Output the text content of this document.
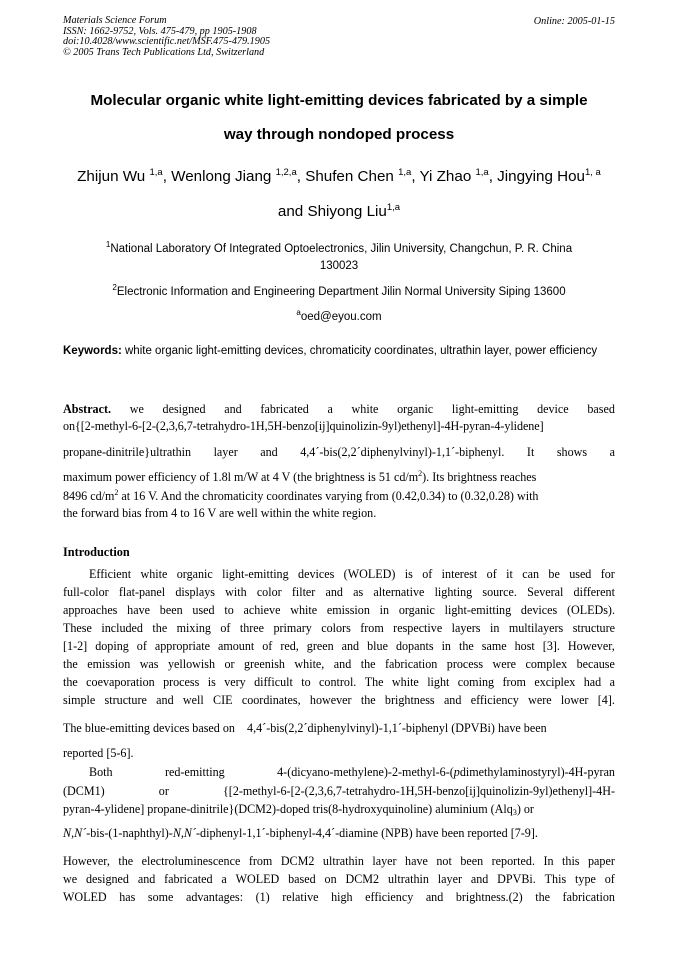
Materials Science Forum
ISSN: 1662-9752, Vols. 475-479, pp 1905-1908
doi:10.4028/www.scientific.net/MSF.475-479.1905
© 2005 Trans Tech Publications Ltd, Switzerland
Online: 2005-01-15
Molecular organic white light-emitting devices fabricated by a simple
way through nondoped process
Zhijun Wu $^{1,a}$, Wenlong Jiang $^{1,2,a}$, Shufen Chen $^{1,a}$, Yi Zhao $^{1,a}$, Jingying Hou$^{1, a}$
and Shiyong Liu$^{1,a}$
$^1$National Laboratory Of Integrated Optoelectronics, Jilin University, Changchun, P. R. China
130023
$^2$Electronic Information and Engineering Department Jilin Normal University Siping 13600
$^a$oed@eyou.com
Keywords: white organic light-emitting devices, chromaticity coordinates, ultrathin layer, power efficiency
Abstract. we designed and fabricated a white organic light-emitting device based
on{[2-methyl-6-[2-(2,3,6,7-tetrahydro-1H,5H-benzo[ij]quinolizin-9yl)ethenyl]-4H-pyran-4-ylidene]
propane-dinitrile}ultrathin layer and 4,4´-bis(2,2´diphenylvinyl)-1,1´-biphenyl. It shows a
maximum power efficiency of 1.8l m/W at 4 V (the brightness is 51 $cd/m^2$). Its brightness reaches
8496 $cd/m^2$ at 16 V. And the chromaticity coordinates varying from (0.42,0.34) to (0.32,0.28) with
the forward bias from 4 to 16 V are well within the white region.
Introduction
Efficient white organic light-emitting devices (WOLED) is of interest of it can be used for
full-color flat-panel displays with color filter and as alternative lighting source. Several different
approaches have been used to achieve white emission in organic light-emitting devices (OLEDs).
These included the mixing of three primary colors from respective layers in multilayers structure
[1-2] doping of appropriate amount of red, green and blue dopants in the same host [3]. However,
the emission was yellowish or greenish white, and the fabrication process were complex because
the coevaporation process is very difficult to control. The white light coming from exciplex had a
simple structure and well CIE coordinates, however the brightness and efficiency were lower [4].
The blue-emitting devices based on 4,4´-bis(2,2´diphenylvinyl)-1,1´-biphenyl (DPVBi) have been
reported [5-6].
Both	red-emitting	4-(dicyano-methylene)-2-methyl-6-(pdimethylaminostyryl)-4H-pyran
(DCM1)	or	{[2-methyl-6-[2-(2,3,6,7-tetrahydro-1H,5H-benzo[ij]quinolizin-9yl)ethenyl]-4H-
pyran-4-ylidene] propane-dinitrile}(DCM2)-doped tris(8-hydroxyquinoline) aluminium (Alq$_3$) or
N,N´-bis-(1-naphthyl)-N,N´-diphenyl-1,1´-biphenyl-4,4´-diamine (NPB) have been reported [7-9].
However, the electroluminescence from DCM2 ultrathin layer have not been reported. In this paper
we designed and fabricated a WOLED based on DCM2 ultrathin layer and DPVBi. This type of
WOLED has some advantages: (1) relative high efficiency and brightness.(2) the fabrication
